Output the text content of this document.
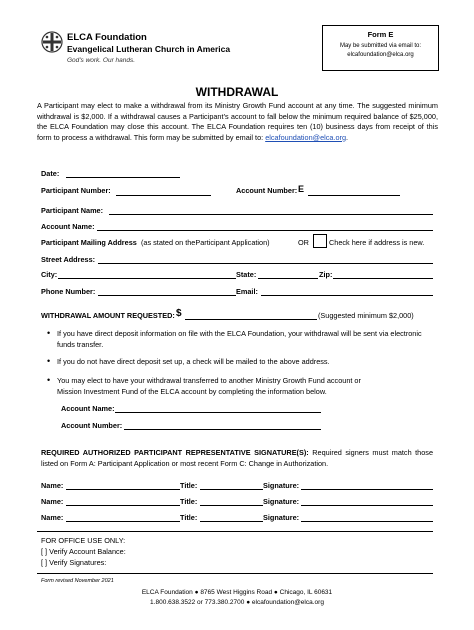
ELCA Foundation
Evangelical Lutheran Church in America
God's work. Our hands.
Form E
May be submitted via email to:
elcafoundation@elca.org
WITHDRAWAL
A Participant may elect to make a withdrawal from its Ministry Growth Fund account at any time. The suggested minimum withdrawal is $2,000. If a withdrawal causes a Participant’s account to fall below the minimum required balance of $25,000, the ELCA Foundation may close this account. The ELCA Foundation requires ten (10) business days from receipt of this form to process a withdrawal. This form may be submitted by email to: elcafoundation@elca.org.
Date:
Participant Number:	Account Number: E
Participant Name:
Account Name:
Participant Mailing Address (as stated on theParticipant Application)	OR	Check here if address is new.
Street Address:
City:	State:	Zip:
Phone Number:	Email:
WITHDRAWAL AMOUNT REQUESTED: $	(Suggested minimum $2,000)
• If you have direct deposit information on file with the ELCA Foundation, your withdrawal will be sent via electronic funds transfer.
• If you do not have direct deposit set up, a check will be mailed to the above address.
• You may elect to have your withdrawal transferred to another Ministry Growth Fund account or Mission Investment Fund of the ELCA account by completing the information below.
Account Name:
Account Number:
REQUIRED AUTHORIZED PARTICIPANT REPRESENTATIVE SIGNATURE(S): Required signers must match those listed on Form A: Participant Application or most recent Form C: Change in Authorization.
Name:	Title:	Signature:
Name:	Title:	Signature:
Name:	Title:	Signature:
FOR OFFICE USE ONLY:
[ ] Verify Account Balance:
[ ] Verify Signatures:
Form revised November 2021
ELCA Foundation ● 8765 West Higgins Road ● Chicago, IL 60631
1.800.638.3522 or 773.380.2700 ● elcafoundation@elca.org
